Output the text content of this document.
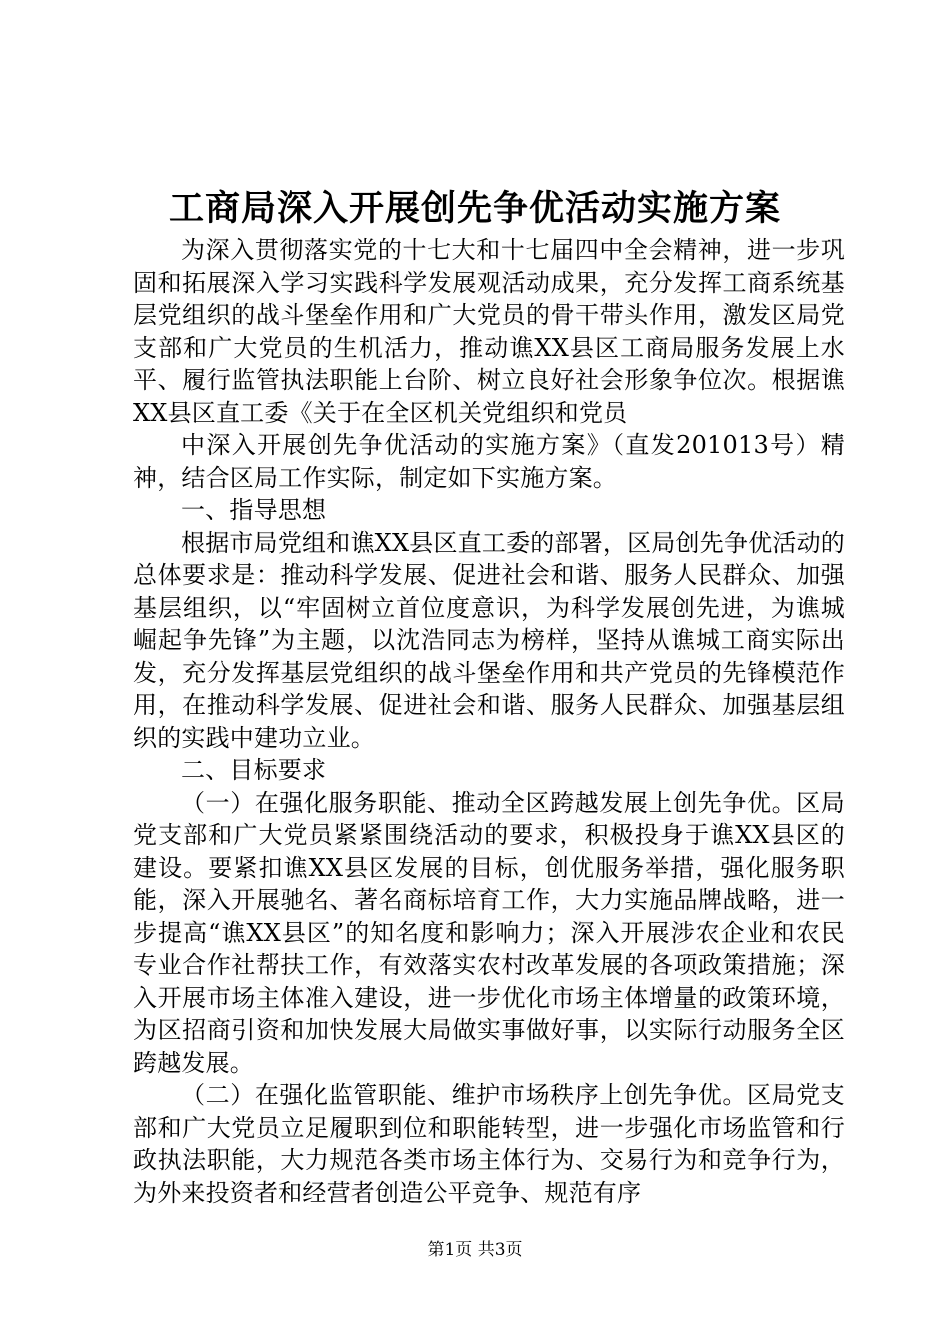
工商局深入开展创先争优活动实施方案

为深入贯彻落实党的十七大和十七届四中全会精神，进一步巩固和拓展深入学习实践科学发展观活动成果，充分发挥工商系统基层党组织的战斗堡垒作用和广大党员的骨干带头作用，激发区局党支部和广大党员的生机活力，推动谯XX县区工商局服务发展上水平、履行监管执法职能上台阶、树立良好社会形象争位次。根据谯XX县区直工委《关于在全区机关党组织和党员

中深入开展创先争优活动的实施方案》（直发201013号）精神，结合区局工作实际，制定如下实施方案。

一、指导思想

根据市局党组和谯XX县区直工委的部署，区局创先争优活动的总体要求是：推动科学发展、促进社会和谐、服务人民群众、加强基层组织，以“牢固树立首位度意识，为科学发展创先进，为谯城崛起争先锋”为主题，以沈浩同志为榜样，坚持从谯城工商实际出发，充分发挥基层党组织的战斗堡垒作用和共产党员的先锋模范作用，在推动科学发展、促进社会和谐、服务人民群众、加强基层组织的实践中建功立业。

二、目标要求

（一）在强化服务职能、推动全区跨越发展上创先争优。区局党支部和广大党员紧紧围绕活动的要求，积极投身于谯XX县区的建设。要紧扣谯XX县区发展的目标，创优服务举措，强化服务职能，深入开展驰名、著名商标培育工作，大力实施品牌战略，进一步提高“谯XX县区”的知名度和影响力；深入开展涉农企业和农民专业合作社帮扶工作，有效落实农村改革发展的各项政策措施；深入开展市场主体准入建设，进一步优化市场主体增量的政策环境，为区招商引资和加快发展大局做实事做好事，以实际行动服务全区跨越发展。

（二）在强化监管职能、维护市场秩序上创先争优。区局党支部和广大党员立足履职到位和职能转型，进一步强化市场监管和行政执法职能，大力规范各类市场主体行为、交易行为和竞争行为，为外来投资者和经营者创造公平竞争、规范有序

第1页 共3页
